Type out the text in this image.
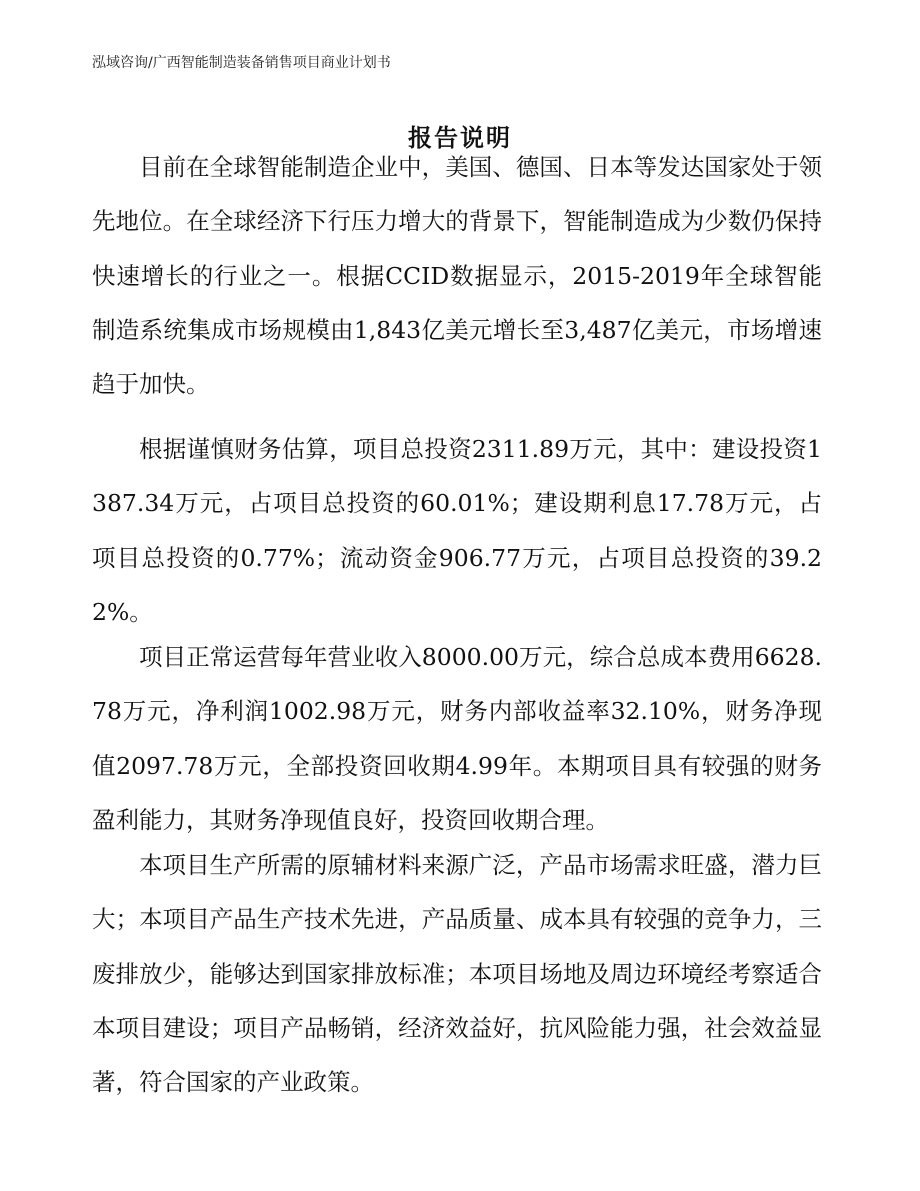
泓域咨询/广西智能制造装备销售项目商业计划书
报告说明

目前在全球智能制造企业中，美国、德国、日本等发达国家处于领先地位。在全球经济下行压力增大的背景下，智能制造成为少数仍保持快速增长的行业之一。根据CCID数据显示，2015-2019年全球智能制造系统集成市场规模由1,843亿美元增长至3,487亿美元，市场增速趋于加快。

根据谨慎财务估算，项目总投资2311.89万元，其中：建设投资1387.34万元，占项目总投资的60.01%；建设期利息17.78万元，占项目总投资的0.77%；流动资金906.77万元，占项目总投资的39.22%。

项目正常运营每年营业收入8000.00万元，综合总成本费用6628.78万元，净利润1002.98万元，财务内部收益率32.10%，财务净现值2097.78万元，全部投资回收期4.99年。本期项目具有较强的财务盈利能力，其财务净现值良好，投资回收期合理。

本项目生产所需的原辅材料来源广泛，产品市场需求旺盛，潜力巨大；本项目产品生产技术先进，产品质量、成本具有较强的竞争力，三废排放少，能够达到国家排放标准；本项目场地及周边环境经考察适合本项目建设；项目产品畅销，经济效益好，抗风险能力强，社会效益显著，符合国家的产业政策。
